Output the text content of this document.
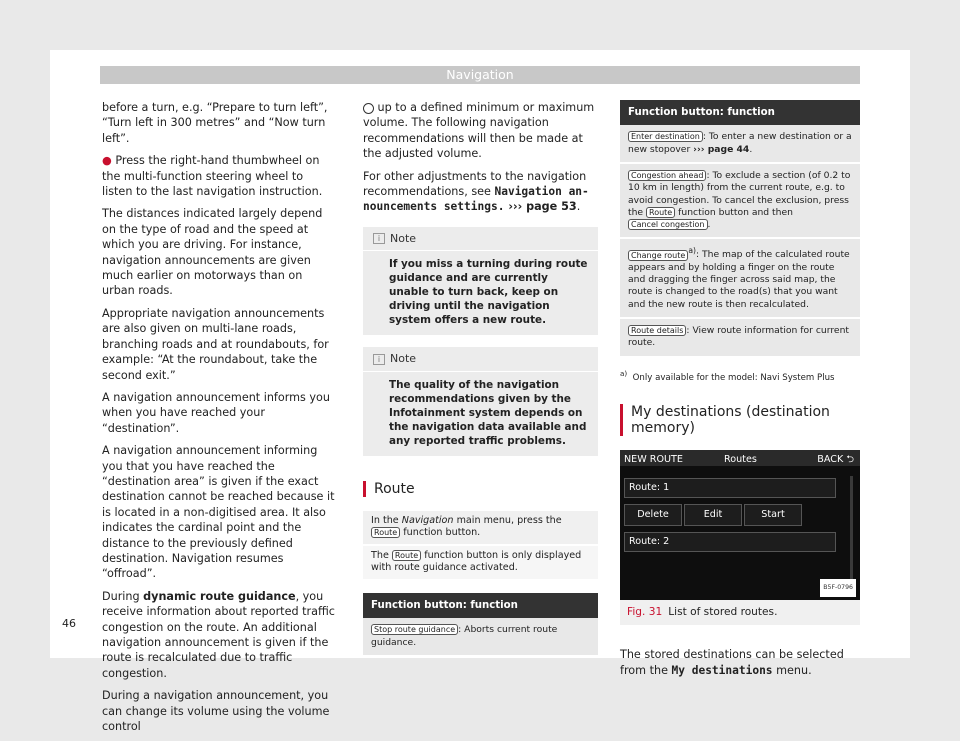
Navigation

before a turn, e.g. “Prepare to turn left”, “Turn left in 300 metres” and “Now turn left”.

● Press the right-hand thumbwheel on the multi-function steering wheel to listen to the last navigation instruction.

The distances indicated largely depend on the type of road and the speed at which you are driving. For instance, navigation announcements are given much earlier on motorways than on urban roads.

Appropriate navigation announcements are also given on multi-lane roads, branching roads and at roundabouts, for example: “At the roundabout, take the second exit.”

A navigation announcement informs you when you have reached your “destination”.

A navigation announcement informing you that you have reached the “destination area” is given if the exact destination cannot be reached because it is located in a non-digitised area. It also indicates the cardinal point and the distance to the previously defined destination. Navigation resumes “offroad”.

During dynamic route guidance, you receive information about reported traffic congestion on the route. An additional navigation announcement is given if the route is recalculated due to traffic congestion.

During a navigation announcement, you can change its volume using the volume control

up to a defined minimum or maximum volume. The following navigation recommendations will then be made at the adjusted volume.

For other adjustments to the navigation recommendations, see Navigation announcements settings. ››› page 53.

i Note
If you miss a turning during route guidance and are currently unable to turn back, keep on driving until the navigation system offers a new route.
i Note
The quality of the navigation recommendations given by the Infotainment system depends on the navigation data available and any reported traffic problems.
Route
In the Navigation main menu, press the Route function button.
The Route function button is only displayed with route guidance activated.
Function button: function
Stop route guidance : Aborts current route guidance.
Function button: function
Enter destination : To enter a new destination or a new stopover ››› page 44.
Congestion ahead : To exclude a section (of 0.2 to 10 km in length) from the current route, e.g. to avoid congestion. To cancel the exclusion, press the Route function button and then Cancel congestion .
Change route $^{a)}$: The map of the calculated route appears and by holding a finger on the route and dragging the finger across said map, the route is changed to the road(s) that you want and the new route is then recalculated.
Route details : View route information for current route.
$^{a)}$ Only available for the model: Navi System Plus
My destinations (destination memory)
NEW ROUTE	Routes	BACK ⮌
Route: 1
Delete	Edit	Start
Route: 2
B5F-0796
Fig. 31 List of stored routes.

The stored destinations can be selected from the My destinations menu.

46
